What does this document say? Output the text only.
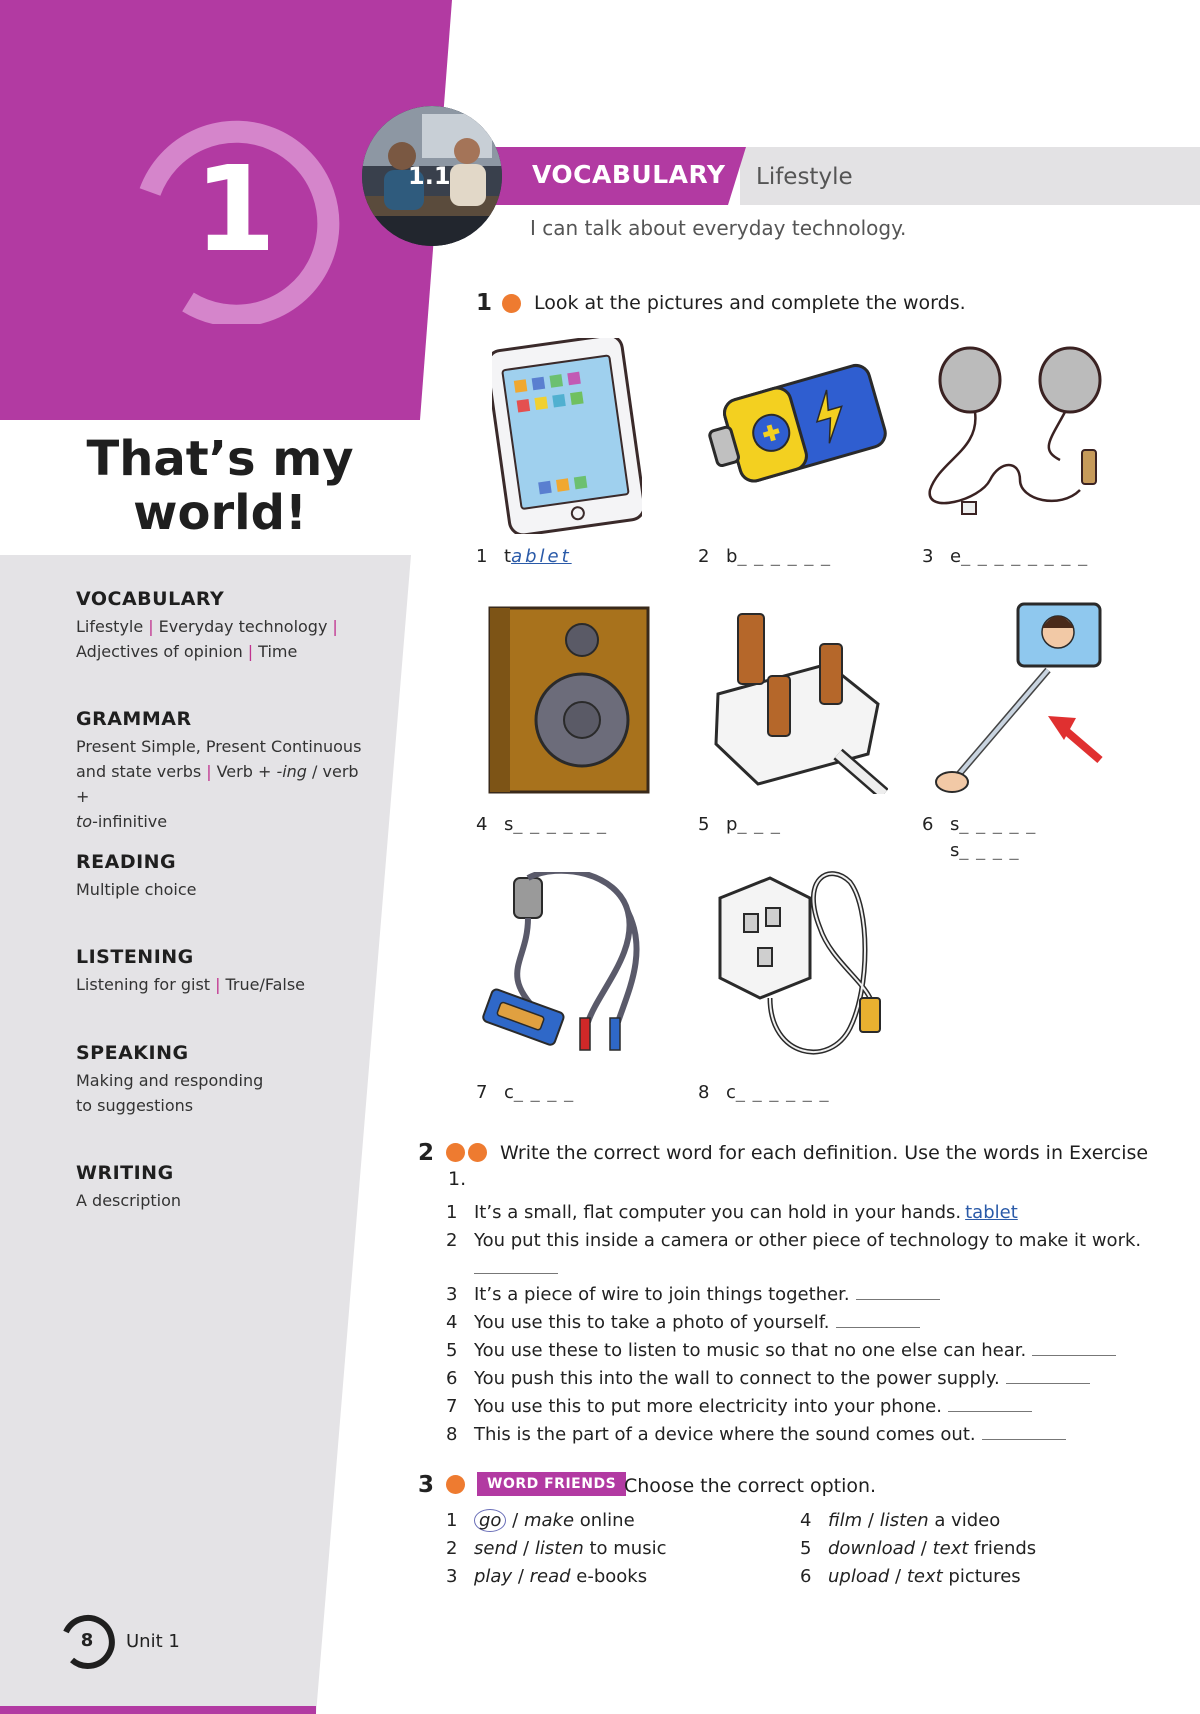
1
That’s my
world!
VOCABULARY
Lifestyle | Everyday technology |
Adjectives of opinion | Time
GRAMMAR
Present Simple, Present Continuous
and state verbs | Verb + -ing / verb +
to-infinitive
READING
Multiple choice
LISTENING
Listening for gist | True/False
SPEAKING
Making and responding
to suggestions
WRITING
A description
8	Unit 1
1.1	VOCABULARY Lifestyle
I can talk about everyday technology.
1 Look at the pictures and complete the words.
1 tablet	2 b_ _ _ _ _ _	3 e_ _ _ _ _ _ _ _
4 s_ _ _ _ _ _	5 p_ _ _	6 s_ _ _ _ _
s_ _ _ _
7 c_ _ _ _	8 c_ _ _ _ _ _
2	Write the correct word for each definition. Use the words in Exercise
1.
1 It’s a small, flat computer you can hold in your hands. tablet
2 You put this inside a camera or other piece of technology to make it work.
3 It’s a piece of wire to join things together.
4 You use this to take a photo of yourself.
5 You use these to listen to music so that no one else can hear.
6 You push this into the wall to connect to the power supply.
7 You use this to put more electricity into your phone.
8 This is the part of a device where the sound comes out.
3	WORD FRIENDS Choose the correct option.
1 go / make online
2 send / listen to music
3 play / read e-books
4 film / listen a video
5 download / text friends
6 upload / text pictures
